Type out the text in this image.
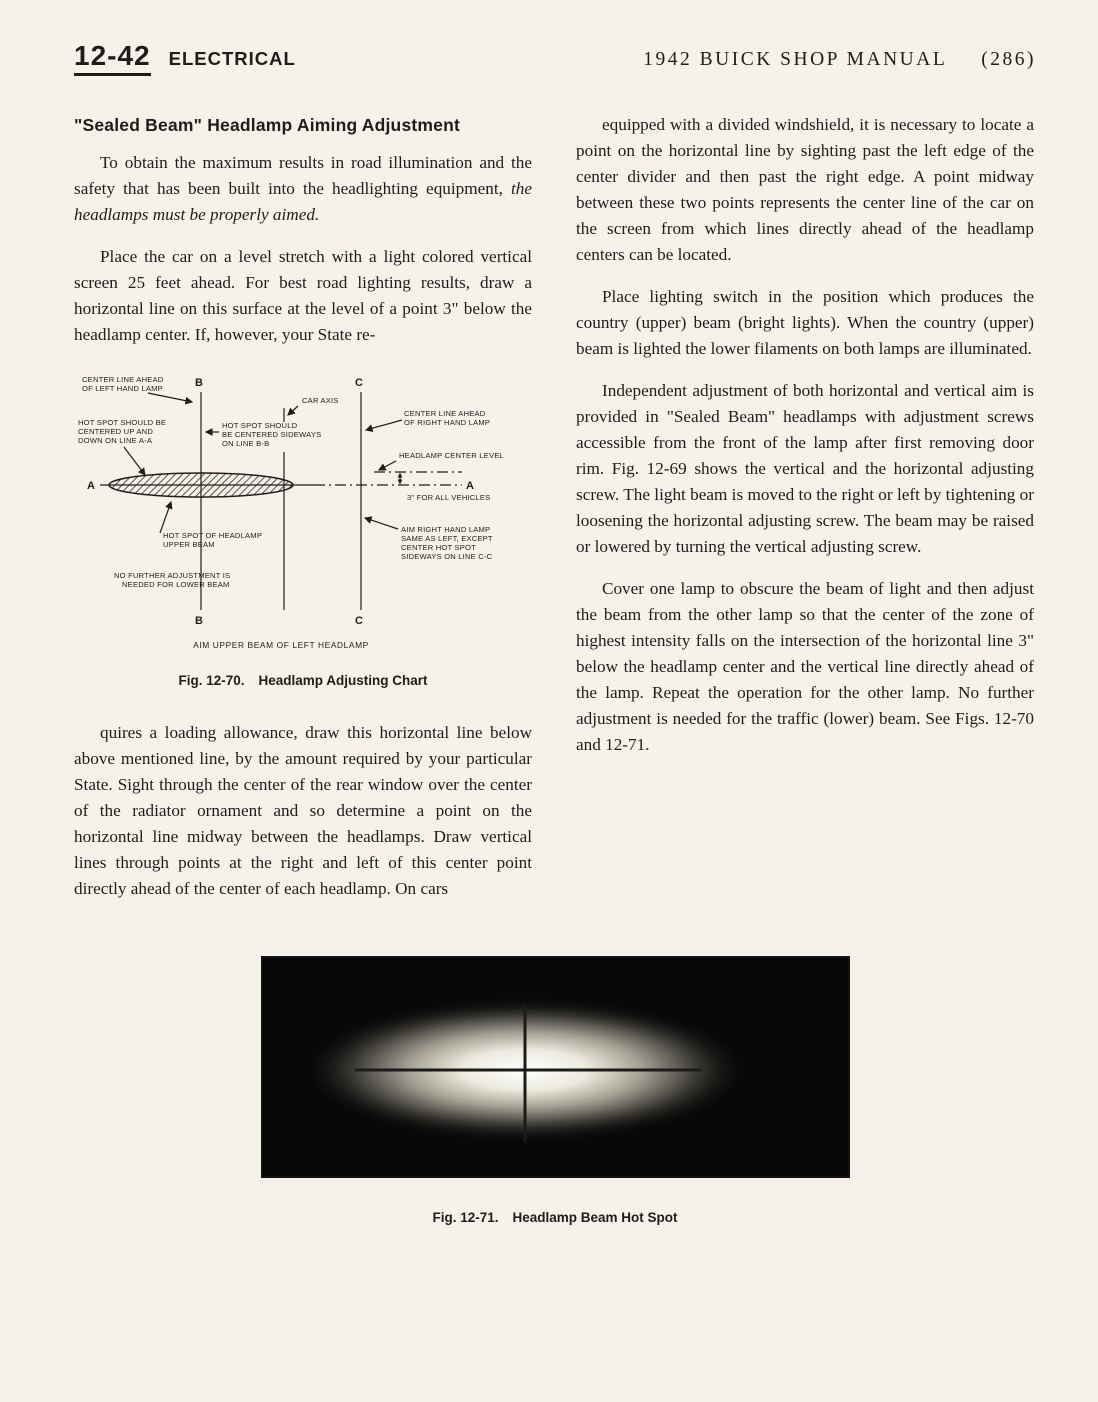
12-42 ELECTRICAL	1942 BUICK SHOP MANUAL (286)
"Sealed Beam" Headlamp Aiming Adjustment

To obtain the maximum results in road illumination and the safety that has been built into the headlighting equipment, the headlamps must be properly aimed.

Place the car on a level stretch with a light colored vertical screen 25 feet ahead. For best road lighting results, draw a horizontal line on this surface at the level of a point 3" below the headlamp center. If, however, your State re-

B	C
A	A
B	C
CENTER LINE AHEAD
OF LEFT HAND LAMP
CAR AXIS
HOT SPOT SHOULD BE
CENTERED UP AND
DOWN ON LINE A-A
HOT SPOT SHOULD
BE CENTERED SIDEWAYS
ON LINE B-B
CENTER LINE AHEAD
OF RIGHT HAND LAMP
HEADLAMP CENTER LEVEL
3" FOR ALL VEHICLES
HOT SPOT OF HEADLAMP
UPPER BEAM
AIM RIGHT HAND LAMP
SAME AS LEFT, EXCEPT
CENTER HOT SPOT
SIDEWAYS ON LINE C-C
NO FURTHER ADJUSTMENT IS
NEEDED FOR LOWER BEAM
AIM UPPER BEAM OF LEFT HEADLAMP
Fig. 12-70. Headlamp Adjusting Chart

quires a loading allowance, draw this horizontal line below above mentioned line, by the amount required by your particular State. Sight through the center of the rear window over the center of the radiator ornament and so determine a point on the horizontal line midway between the headlamps. Draw vertical lines through points at the right and left of this center point directly ahead of the center of each headlamp. On cars

equipped with a divided windshield, it is necessary to locate a point on the horizontal line by sighting past the left edge of the center divider and then past the right edge. A point midway between these two points represents the center line of the car on the screen from which lines directly ahead of the headlamp centers can be located.

Place lighting switch in the position which produces the country (upper) beam (bright lights). When the country (upper) beam is lighted the lower filaments on both lamps are illuminated.

Independent adjustment of both horizontal and vertical aim is provided in "Sealed Beam" headlamps with adjustment screws accessible from the front of the lamp after first removing door rim. Fig. 12-69 shows the vertical and the horizontal adjusting screw. The light beam is moved to the right or left by tightening or loosening the horizontal adjusting screw. The beam may be raised or lowered by turning the vertical adjusting screw.

Cover one lamp to obscure the beam of light and then adjust the beam from the other lamp so that the center of the zone of highest intensity falls on the intersection of the horizontal line 3" below the headlamp center and the vertical line directly ahead of the lamp. Repeat the operation for the other lamp. No further adjustment is needed for the traffic (lower) beam. See Figs. 12-70 and 12-71.

Fig. 12-71. Headlamp Beam Hot Spot
